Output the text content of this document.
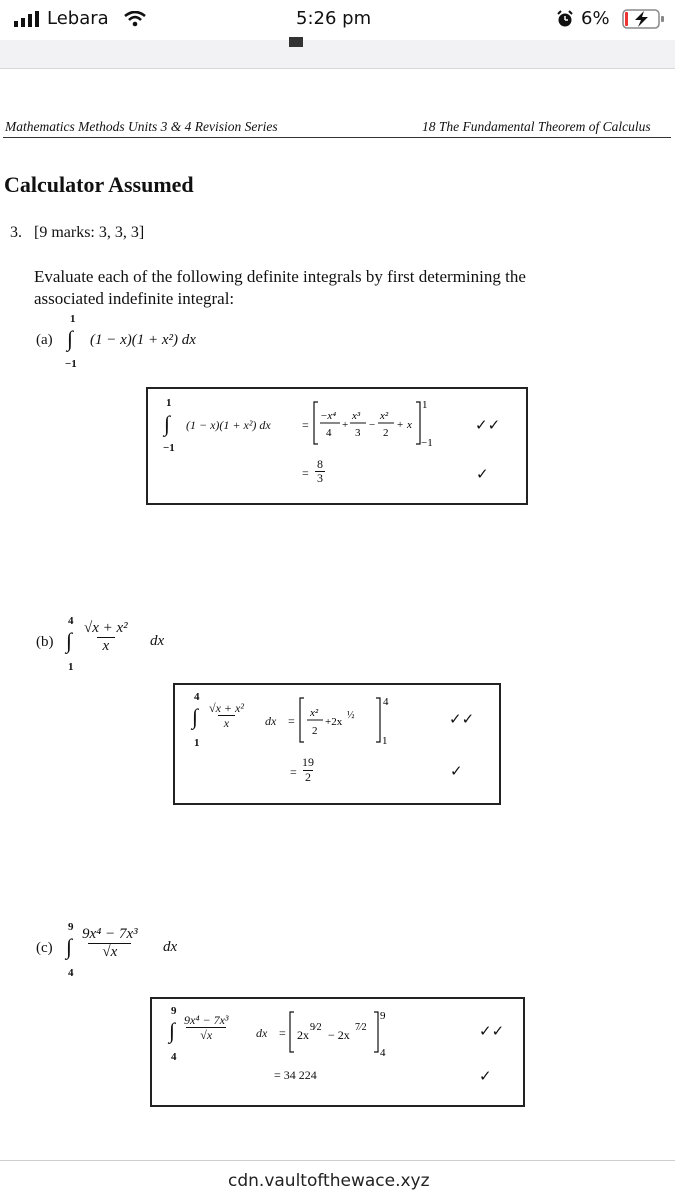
Lebara	5:26 pm	6%
Mathematics Methods Units 3 & 4 Revision Series	18 The Fundamental Theorem of Calculus
Calculator Assumed
3. [9 marks: 3, 3, 3]
Evaluate each of the following definite integrals by first determining the
associated indefinite integral:
(a)
1
∫
−1
(1 − x)(1 + x²) dx
1
∫
−1
(1 − x)(1 + x²) dx	=
−x⁴
4
+
x³
3
−
x²
2
+ x
1
−1
✓✓
= $\frac{8}{3}$	✓
(b)
4
∫
1
$\frac{\text{√x + x²}}{x}$ dx
4
∫
1
$\frac{\text{√x + x²}}{x}$ dx =
x²
2
+2x
½
4
1
✓✓
= $\frac{19}{2}$	✓
(c)
9
∫
4
$\frac{\text{9x⁴ − 7x³}}{√x}$ dx
9
∫
4
$\frac{\text{9x⁴ − 7x³}}{√x}$ dx = 2x
9⁄2
− 2x
7⁄2
9
4
✓✓
= 34 224	✓
cdn.vaultofthewace.xyz
